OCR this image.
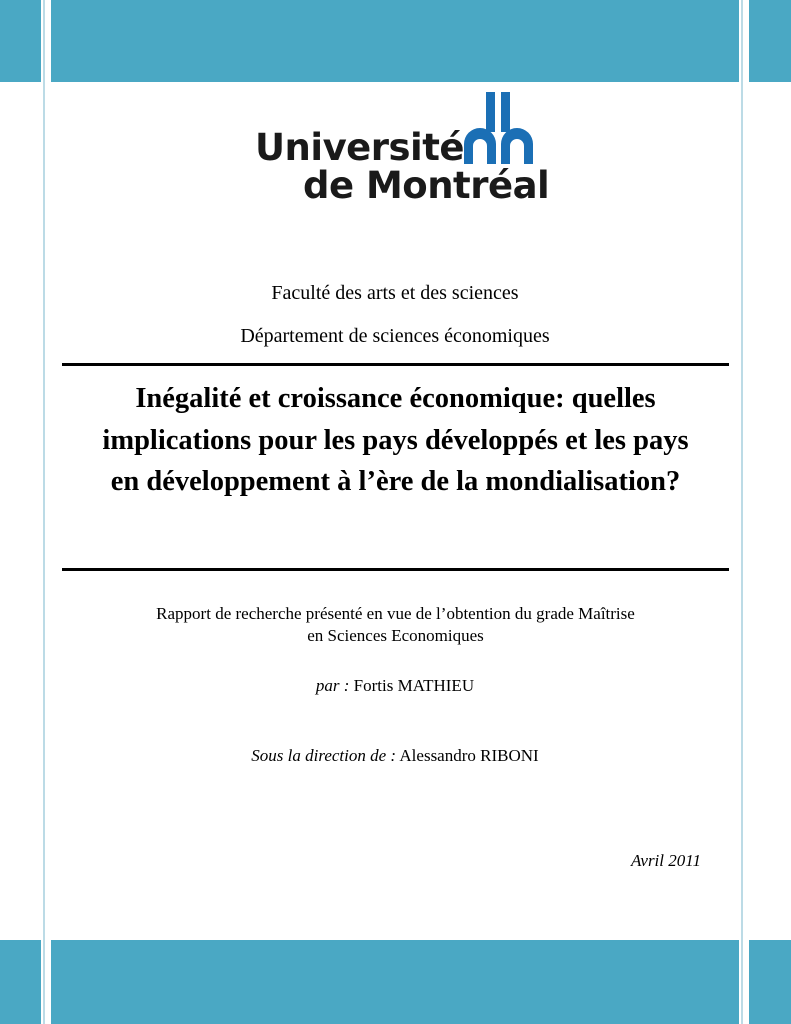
Université
de Montréal
Faculté des arts et des sciences
Département de sciences économiques
Inégalité et croissance économique: quelles implications pour les pays développés et les pays en développement à l’ère de la mondialisation?
Rapport de recherche présenté en vue de l’obtention du grade Maîtrise
en Sciences Economiques
par : Fortis MATHIEU
Sous la direction de : Alessandro RIBONI
Avril 2011
